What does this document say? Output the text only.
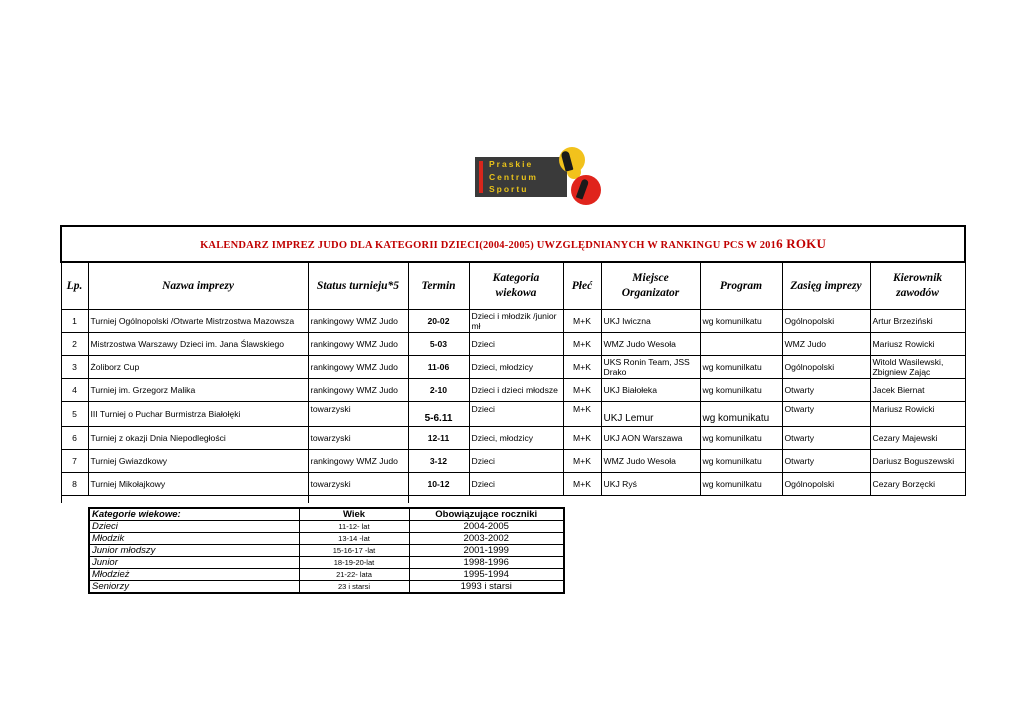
Praskie
Centrum
Sportu
KALENDARZ IMPREZ JUDO DLA KATEGORII DZIECI(2004-2005) UWZGLĘDNIANYCH W RANKINGU PCS W 2016 ROKU									
Lp.	Nazwa imprezy	Status turnieju*5	Termin	Kategoria wiekowa	Płeć	Miejsce Organizator	Program	Zasięg imprezy	Kierownik zawodów
1	Turniej Ogólnopolski /Otwarte Mistrzostwa Mazowsza	rankingowy WMZ Judo	20-02	Dzieci i młodzik /junior mł	M+K	UKJ Iwiczna	wg komunilkatu	Ogólnopolski	Artur Brzeziński
2	Mistrzostwa Warszawy Dzieci im. Jana Ślawskiego	rankingowy WMZ Judo	5-03	Dzieci	M+K	WMZ Judo Wesoła		WMZ Judo	Mariusz Rowicki
3	Żoliborz Cup	rankingowy WMZ Judo	11-06	Dzieci, młodzicy	M+K	UKS Ronin Team, JSS Drako	wg komunilkatu	Ogólnopolski	Witold Wasilewski, Zbigniew Zając
4	Turniej im. Grzegorz Malika	rankingowy WMZ Judo	2-10	Dzieci i dzieci młodsze	M+K	UKJ Białołeka	wg komunilkatu	Otwarty	Jacek Biernat
5	III Turniej o Puchar Burmistrza Białołęki	towarzyski	5-6.11	Dzieci	M+K	UKJ Lemur	wg komunikatu	Otwarty	Mariusz Rowicki
6	Turniej z okazji Dnia Niepodległości	towarzyski	12-11	Dzieci, młodzicy	M+K	UKJ AON Warszawa	wg komunilkatu	Otwarty	Cezary Majewski
7	Turniej Gwiazdkowy	rankingowy WMZ Judo	3-12	Dzieci	M+K	WMZ Judo Wesoła	wg komunilkatu	Otwarty	Dariusz Boguszewski
8	Turniej Mikołajkowy	towarzyski	10-12	Dzieci	M+K	UKJ Ryś	wg komunilkatu	Ogólnopolski	Cezary Borzęcki

Kategorie wiekowe:	Wiek	Obowiązujące roczniki
Dzieci	11-12- lat	2004-2005
Młodzik	13-14 -lat	2003-2002
Junior młodszy	15-16-17 -lat	2001-1999
Junior	18-19-20-lat	1998-1996
Młodzież	21-22- lata	1995-1994
Seniorzy	23 i starsi	1993 i starsi
